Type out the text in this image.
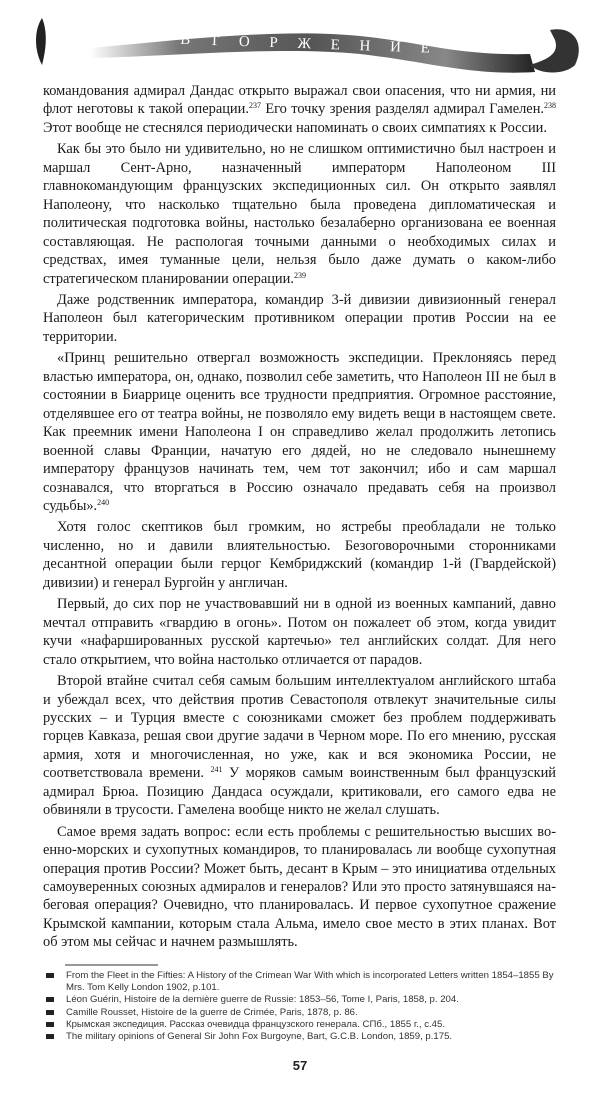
В Т О Р Ж Е Н И Е

командования адмирал Дандас открыто выражал свои опасения, что ни армия, ни флот неготовы к такой операции.$^{237}$ Его точку зрения разделял адмирал Гамелен.$^{238}$ Этот вообще не стеснялся периодически напоминать о своих симпатиях к России.

Как бы это было ни удивительно, но не слишком оптимистично был настроен и маршал Сент-Арно, назначенный императорм Наполеоном III главнокомандующим французских экспедиционных сил. Он открыто заявлял Наполеону, что насколько тщательно была проведена дипломатическая и политическая подготовка войны, настолько безалаберно организована ее военная составляющая. Не распологая точными данными о необходимых силах и средствах, имея туманные цели, нельзя было даже думать о каком-либо стратегическом планировании операции.$^{239}$

Даже родственник императора, командир 3-й дивизии дивизионный генерал Наполеон был категорическим противником операции против России на ее территории.

«Принц решительно отвергал возможность экспедиции. Преклоняясь перед властью императора, он, однако, позволил себе заметить, что Наполеон III не был в состоянии в Биаррице оценить все трудности предприятия. Огромное расстояние, отделявшее его от театра войны, не позволяло ему видеть вещи в настоящем свете. Как преемник имени Наполеона I он справедливо желал продолжить летопись военной славы Франции, начатую его дядей, но не следовало нынешнему императору французов начинать тем, чем тот закончил; ибо и сам маршал сознавался, что вторгаться в Россию означало предавать себя на произвол судьбы».$^{240}$

Хотя голос скептиков был громким, но ястребы преобладали не только численно, но и давили влиятельностью. Безоговорочными сторонниками десантной операции были герцог Кембриджский (командир 1-й (Гвардейской) дивизии) и генерал Бургойн у англичан.

Первый, до сих пор не участвовавший ни в одной из военных кампаний, давно мечтал отправить «гвардию в огонь». Потом он пожалеет об этом, когда увидит кучи «нафаршированных русской картечью» тел английских солдат. Для него стало открытием, что война настолько отличается от парадов.

Второй втайне считал себя самым большим интеллектуалом английского штаба и убеждал всех, что действия против Севастополя отвлекут значительные силы русских – и Турция вместе с союзниками сможет без проблем поддерживать горцев Кавказа, решая свои другие задачи в Черном море. По его мнению, русская армия, хотя и многочисленная, но уже, как и вся экономика России, не соответствовала времени. $^{241}$ У моряков самым воинственным был французский адмирал Брюа. Позицию Дандаса осуждали, критиковали, его самого едва не обвиняли в трусости. Гамелена вообще никто не желал слушать.

Самое время задать вопрос: если есть проблемы с решительностью высших военно-морских и сухопутных командиров, то планировалась ли вообще сухопутная операция против России? Может быть, десант в Крым – это инициатива отдельных самоуверенных союзных адмиралов и генералов? Или это просто затянувшаяся набеговая операция? Очевидно, что планировалась. И первое сухопутное сражение Крымской кампании, которым стала Альма, имело свое место в этих планах. Вот об этом мы сейчас и начнем размышлять.

From the Fleet in the Fifties: A History of the Crimean War With which is incorporated Letters written 1854–1855 By Mrs. Tom Kelly London 1902, p.101.
Léon Guérin, Histoire de la dernière guerre de Russie: 1853–56, Tome I, Paris, 1858, p. 204.
Camille Rousset, Histoire de la guerre de Crimée, Paris, 1878, p. 86.
Крымская экспедиция. Рассказ очевидца французского генерала. СПб., 1855 г., с.45.
The military opinions of General Sir John Fox Burgoyne, Bart, G.C.B. London, 1859, p.175.
57
